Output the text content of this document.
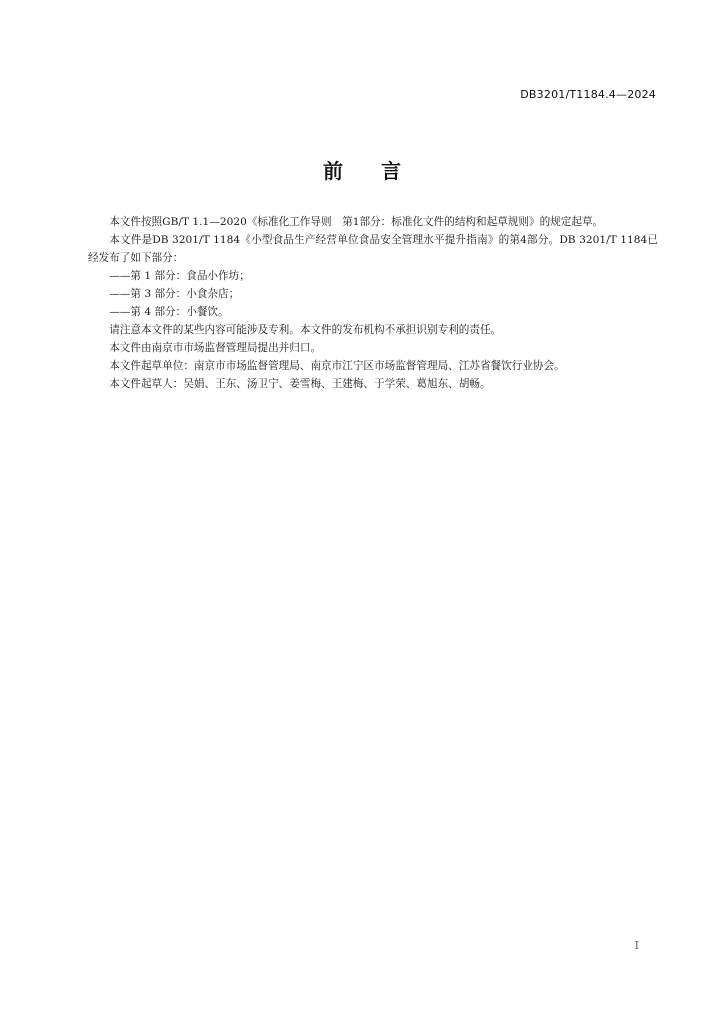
DB3201/T1184.4—2024
前言

本文件按照GB/T 1.1—2020《标准化工作导则　第1部分：标准化文件的结构和起草规则》的规定起草。

本文件是DB 3201/T 1184《小型食品生产经营单位食品安全管理水平提升指南》的第4部分。DB 3201/T 1184已经发布了如下部分：

——第 1 部分：食品小作坊；

——第 3 部分：小食杂店；

——第 4 部分：小餐饮。

请注意本文件的某些内容可能涉及专利。本文件的发布机构不承担识别专利的责任。

本文件由南京市市场监督管理局提出并归口。

本文件起草单位：南京市市场监督管理局、南京市江宁区市场监督管理局、江苏省餐饮行业协会。

本文件起草人：吴娟、王东、汤卫宁、姜雪梅、王建梅、于学荣、葛旭东、胡畅。

I
